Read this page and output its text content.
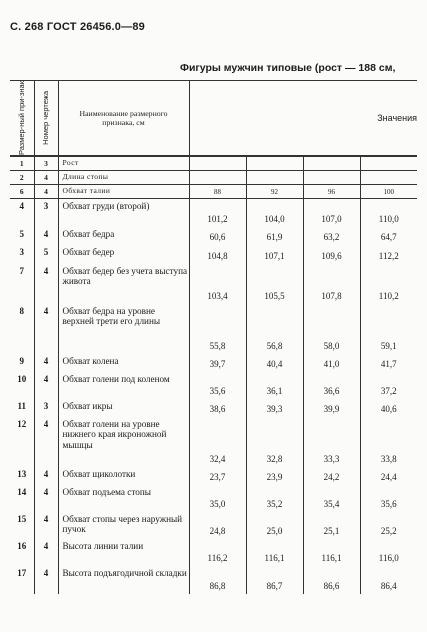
С. 268 ГОСТ 26456.0—89
Фигуры мужчин типовые (рост — 188 см,
Размер-ный при-знак	Номер чертежа	Наименование размерного признака, см	Значения			
1	3	Рост				
2	4	Длина стопы				
6	4	Обхват талии	88	92	96	100
4	3	Обхват груди (второй)	101,2	104,0	107,0	110,0
5	4	Обхват бедра	60,6	61,9	63,2	64,7
3	5	Обхват бедер	104,8	107,1	109,6	112,2
7	4	Обхват бедер без учета выступа живота	103,4	105,5	107,8	110,2
8	4	Обхват бедра на уровне верхней трети его длины	55,8	56,8	58,0	59,1
9	4	Обхват колена	39,7	40,4	41,0	41,7
10	4	Обхват голени под коленом	35,6	36,1	36,6	37,2
11	3	Обхват икры	38,6	39,3	39,9	40,6
12	4	Обхват голени на уровне нижнего края икроножной мышцы	32,4	32,8	33,3	33,8
13	4	Обхват щиколотки	23,7	23,9	24,2	24,4
14	4	Обхват подъема стопы	35,0	35,2	35,4	35,6
15	4	Обхват стопы через наружный пучок	24,8	25,0	25,1	25,2
16	4	Высота линии талии	116,2	116,1	116,1	116,0
17	4	Высота подъягодичной складки	86,8	86,7	86,6	86,4
